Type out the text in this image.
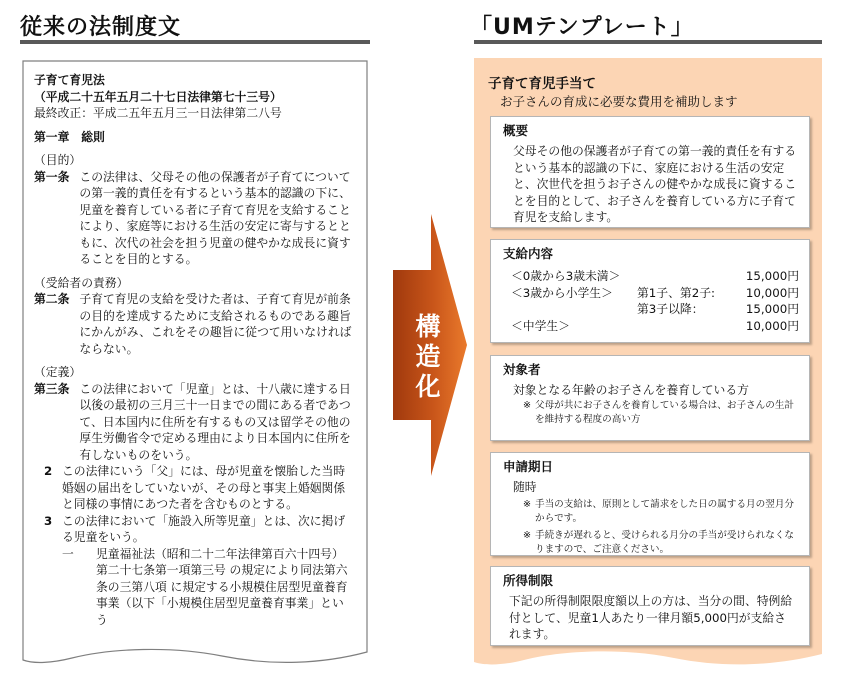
従来の法制度文	「UMテンプレート」
子育て育児法
（平成二十五年五月二十七日法律第七十三号）
最終改正：平成二五年五月三一日法律第二八号
第一章　総則
（目的）
第一条 この法律は、父母その他の保護者が子育てについての第一義的責任を有するという基本的認識の下に、児童を養育している者に子育て育児を支給することにより、家庭等における生活の安定に寄与するとともに、次代の社会を担う児童の健やかな成長に資することを目的とする。
（受給者の責務）
第二条 子育て育児の支給を受けた者は、子育て育児が前条の目的を達成するために支給されるものである趣旨にかんがみ、これをその趣旨に従つて用いなければならない。
（定義）
第三条 この法律において「児童」とは、十八歳に達する日以後の最初の三月三十一日までの間にある者であつて、日本国内に住所を有するもの又は留学その他の厚生労働省令で定める理由により日本国内に住所を有しないものをいう。
2 この法律にいう「父」には、母が児童を懐胎した当時婚姻の届出をしていないが、その母と事実上婚姻関係と同様の事情にあつた者を含むものとする。
3 この法律において「施設入所等児童」とは、次に掲げる児童をいう。
一	児童福祉法（昭和二十二年法律第百六十四号）第二十七条第一項第三号 の規定により同法第六条の三第八項 に規定する小規模住居型児童養育事業（以下「小規模住居型児童養育事業」という
構
造
化
子育て育児手当て
お子さんの育成に必要な費用を補助します
概要
父母その他の保護者が子育ての第一義的責任を有するという基本的認識の下に、家庭における生活の安定と、次世代を担うお子さんの健やかな成長に資することを目的として、お子さんを養育している方に子育て育児を支給します。
支給内容
＜0歳から3歳未満＞	15,000円
＜3歳から小学生＞ 第1子、第2子:	10,000円
第3子以降：	15,000円
＜中学生＞	10,000円
対象者
対象となる年齢のお子さんを養育している方
※ 父母が共にお子さんを養育している場合は、お子さんの生計を維持する程度の高い方
申請期日
随時
※ 手当の支給は、原則として請求をした日の属する月の翌月分からです。
※ 手続きが遅れると、受けられる月分の手当が受けられなくなりますので、ご注意ください。
所得制限
下記の所得制限限度額以上の方は、当分の間、特例給付として、児童1人あたり一律月額5,000円が支給されます。
